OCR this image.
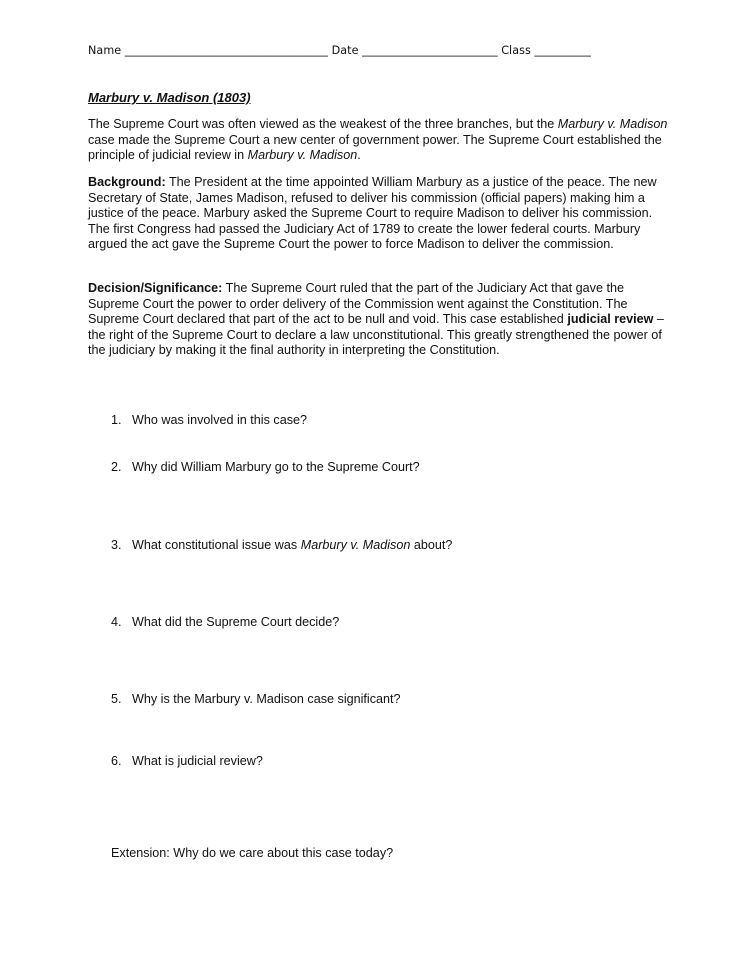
Name ____________________________________ Date ________________________ Class __________
Marbury v. Madison (1803)
The Supreme Court was often viewed as the weakest of the three branches, but the Marbury v. Madison case made the Supreme Court a new center of government power. The Supreme Court established the principle of judicial review in Marbury v. Madison.
Background: The President at the time appointed William Marbury as a justice of the peace. The new Secretary of State, James Madison, refused to deliver his commission (official papers) making him a justice of the peace. Marbury asked the Supreme Court to require Madison to deliver his commission. The first Congress had passed the Judiciary Act of 1789 to create the lower federal courts. Marbury argued the act gave the Supreme Court the power to force Madison to deliver the commission.
Decision/Significance: The Supreme Court ruled that the part of the Judiciary Act that gave the Supreme Court the power to order delivery of the Commission went against the Constitution. The Supreme Court declared that part of the act to be null and void. This case established judicial review – the right of the Supreme Court to declare a law unconstitutional. This greatly strengthened the power of the judiciary by making it the final authority in interpreting the Constitution.
1. Who was involved in this case?
2. Why did William Marbury go to the Supreme Court?
3. What constitutional issue was Marbury v. Madison about?
4. What did the Supreme Court decide?
5. Why is the Marbury v. Madison case significant?
6. What is judicial review?
Extension: Why do we care about this case today?
